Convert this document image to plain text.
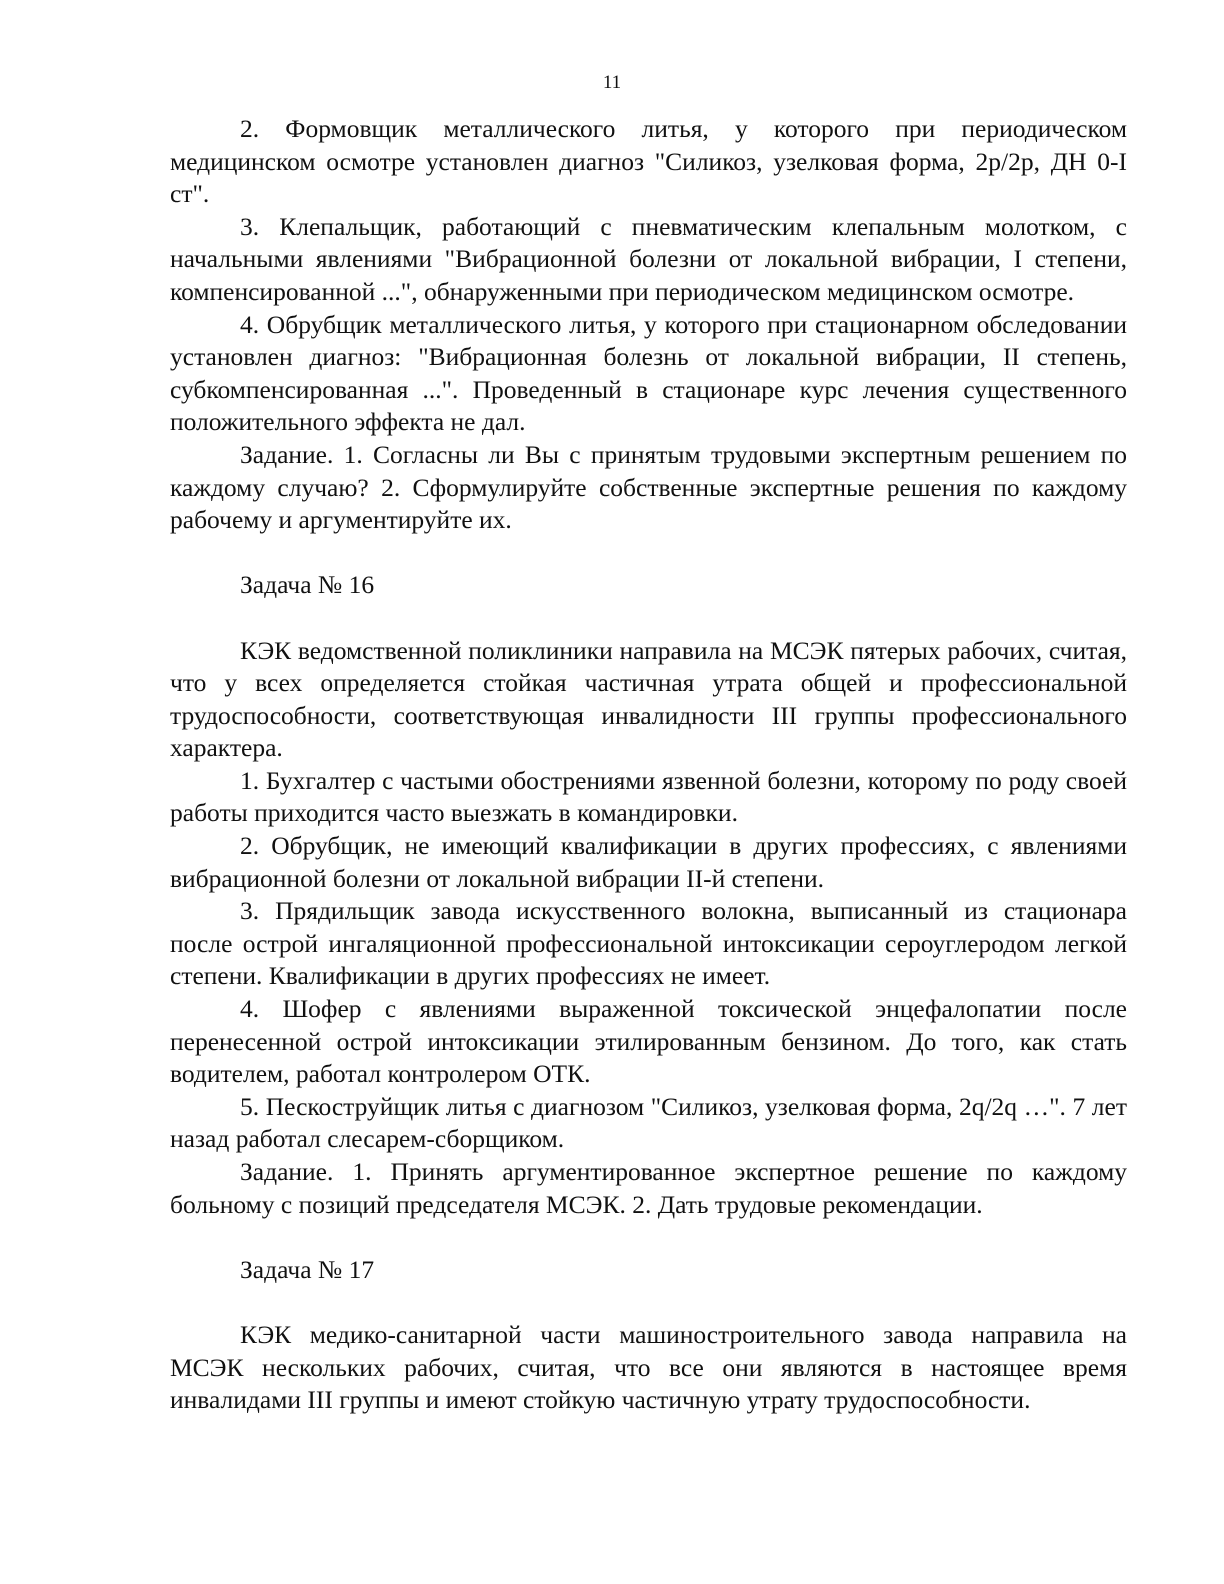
11

2. Формовщик металлического литья, у которого при периодическом медицинском осмотре установлен диагноз "Силикоз, узелковая форма, 2р/2р, ДН 0-I ст".

3. Клепальщик, работающий с пневматическим клепальным молотком, с начальными явлениями "Вибрационной болезни от локальной вибрации, I степени, компенсированной ...", обнаруженными при периодическом медицинском осмотре.

4. Обрубщик металлического литья, у которого при стационарном обследовании установлен диагноз: "Вибрационная болезнь от локальной вибрации, II степень, субкомпенсированная ...". Проведенный в стационаре курс лечения существенного положительного эффекта не дал.

Задание. 1. Согласны ли Вы с принятым трудовыми экспертным решением по каждому случаю? 2. Сформулируйте собственные экспертные решения по каждому рабочему и аргументируйте их.

Задача № 16

КЭК ведомственной поликлиники направила на МСЭК пятерых рабочих, считая, что у всех определяется стойкая частичная утрата общей и профессиональной трудоспособности, соответствующая инвалидности III группы профессионального характера.

1. Бухгалтер с частыми обострениями язвенной болезни, которому по роду своей работы приходится часто выезжать в командировки.

2. Обрубщик, не имеющий квалификации в других профессиях, с явлениями вибрационной болезни от локальной вибрации II-й степени.

3. Прядильщик завода искусственного волокна, выписанный из стационара после острой ингаляционной профессиональной интоксикации сероуглеродом легкой степени. Квалификации в других профессиях не имеет.

4. Шофер с явлениями выраженной токсической энцефалопатии после перенесенной острой интоксикации этилированным бензином. До того, как стать водителем, работал контролером ОТК.

5. Пескоструйщик литья с диагнозом "Силикоз, узелковая форма, 2q/2q …". 7 лет назад работал слесарем-сборщиком.

Задание. 1. Принять аргументированное экспертное решение по каждому больному с позиций председателя МСЭК. 2. Дать трудовые рекомендации.

Задача № 17

КЭК медико-санитарной части машиностроительного завода направила на МСЭК нескольких рабочих, считая, что все они являются в настоящее время инвалидами III группы и имеют стойкую частичную утрату трудоспособности.
